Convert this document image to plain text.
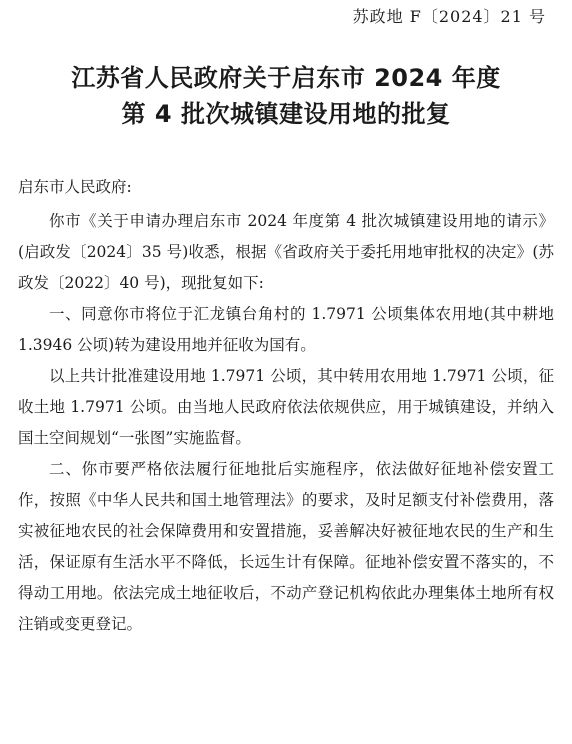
苏政地 F〔2024〕21 号
江苏省人民政府关于启东市 2024 年度
第 4 批次城镇建设用地的批复
启东市人民政府:

你市《关于申请办理启东市 2024 年度第 4 批次城镇建设用地的请示》(启政发〔2024〕35 号)收悉，根据《省政府关于委托用地审批权的决定》(苏政发〔2022〕40 号)，现批复如下:

一、同意你市将位于汇龙镇台角村的 1.7971 公顷集体农用地(其中耕地 1.3946 公顷)转为建设用地并征收为国有。

以上共计批准建设用地 1.7971 公顷，其中转用农用地 1.7971 公顷，征收土地 1.7971 公顷。由当地人民政府依法依规供应，用于城镇建设，并纳入国土空间规划“一张图”实施监督。

二、你市要严格依法履行征地批后实施程序，依法做好征地补偿安置工作，按照《中华人民共和国土地管理法》的要求，及时足额支付补偿费用，落实被征地农民的社会保障费用和安置措施，妥善解决好被征地农民的生产和生活，保证原有生活水平不降低，长远生计有保障。征地补偿安置不落实的，不得动工用地。依法完成土地征收后，不动产登记机构依此办理集体土地所有权注销或变更登记。
